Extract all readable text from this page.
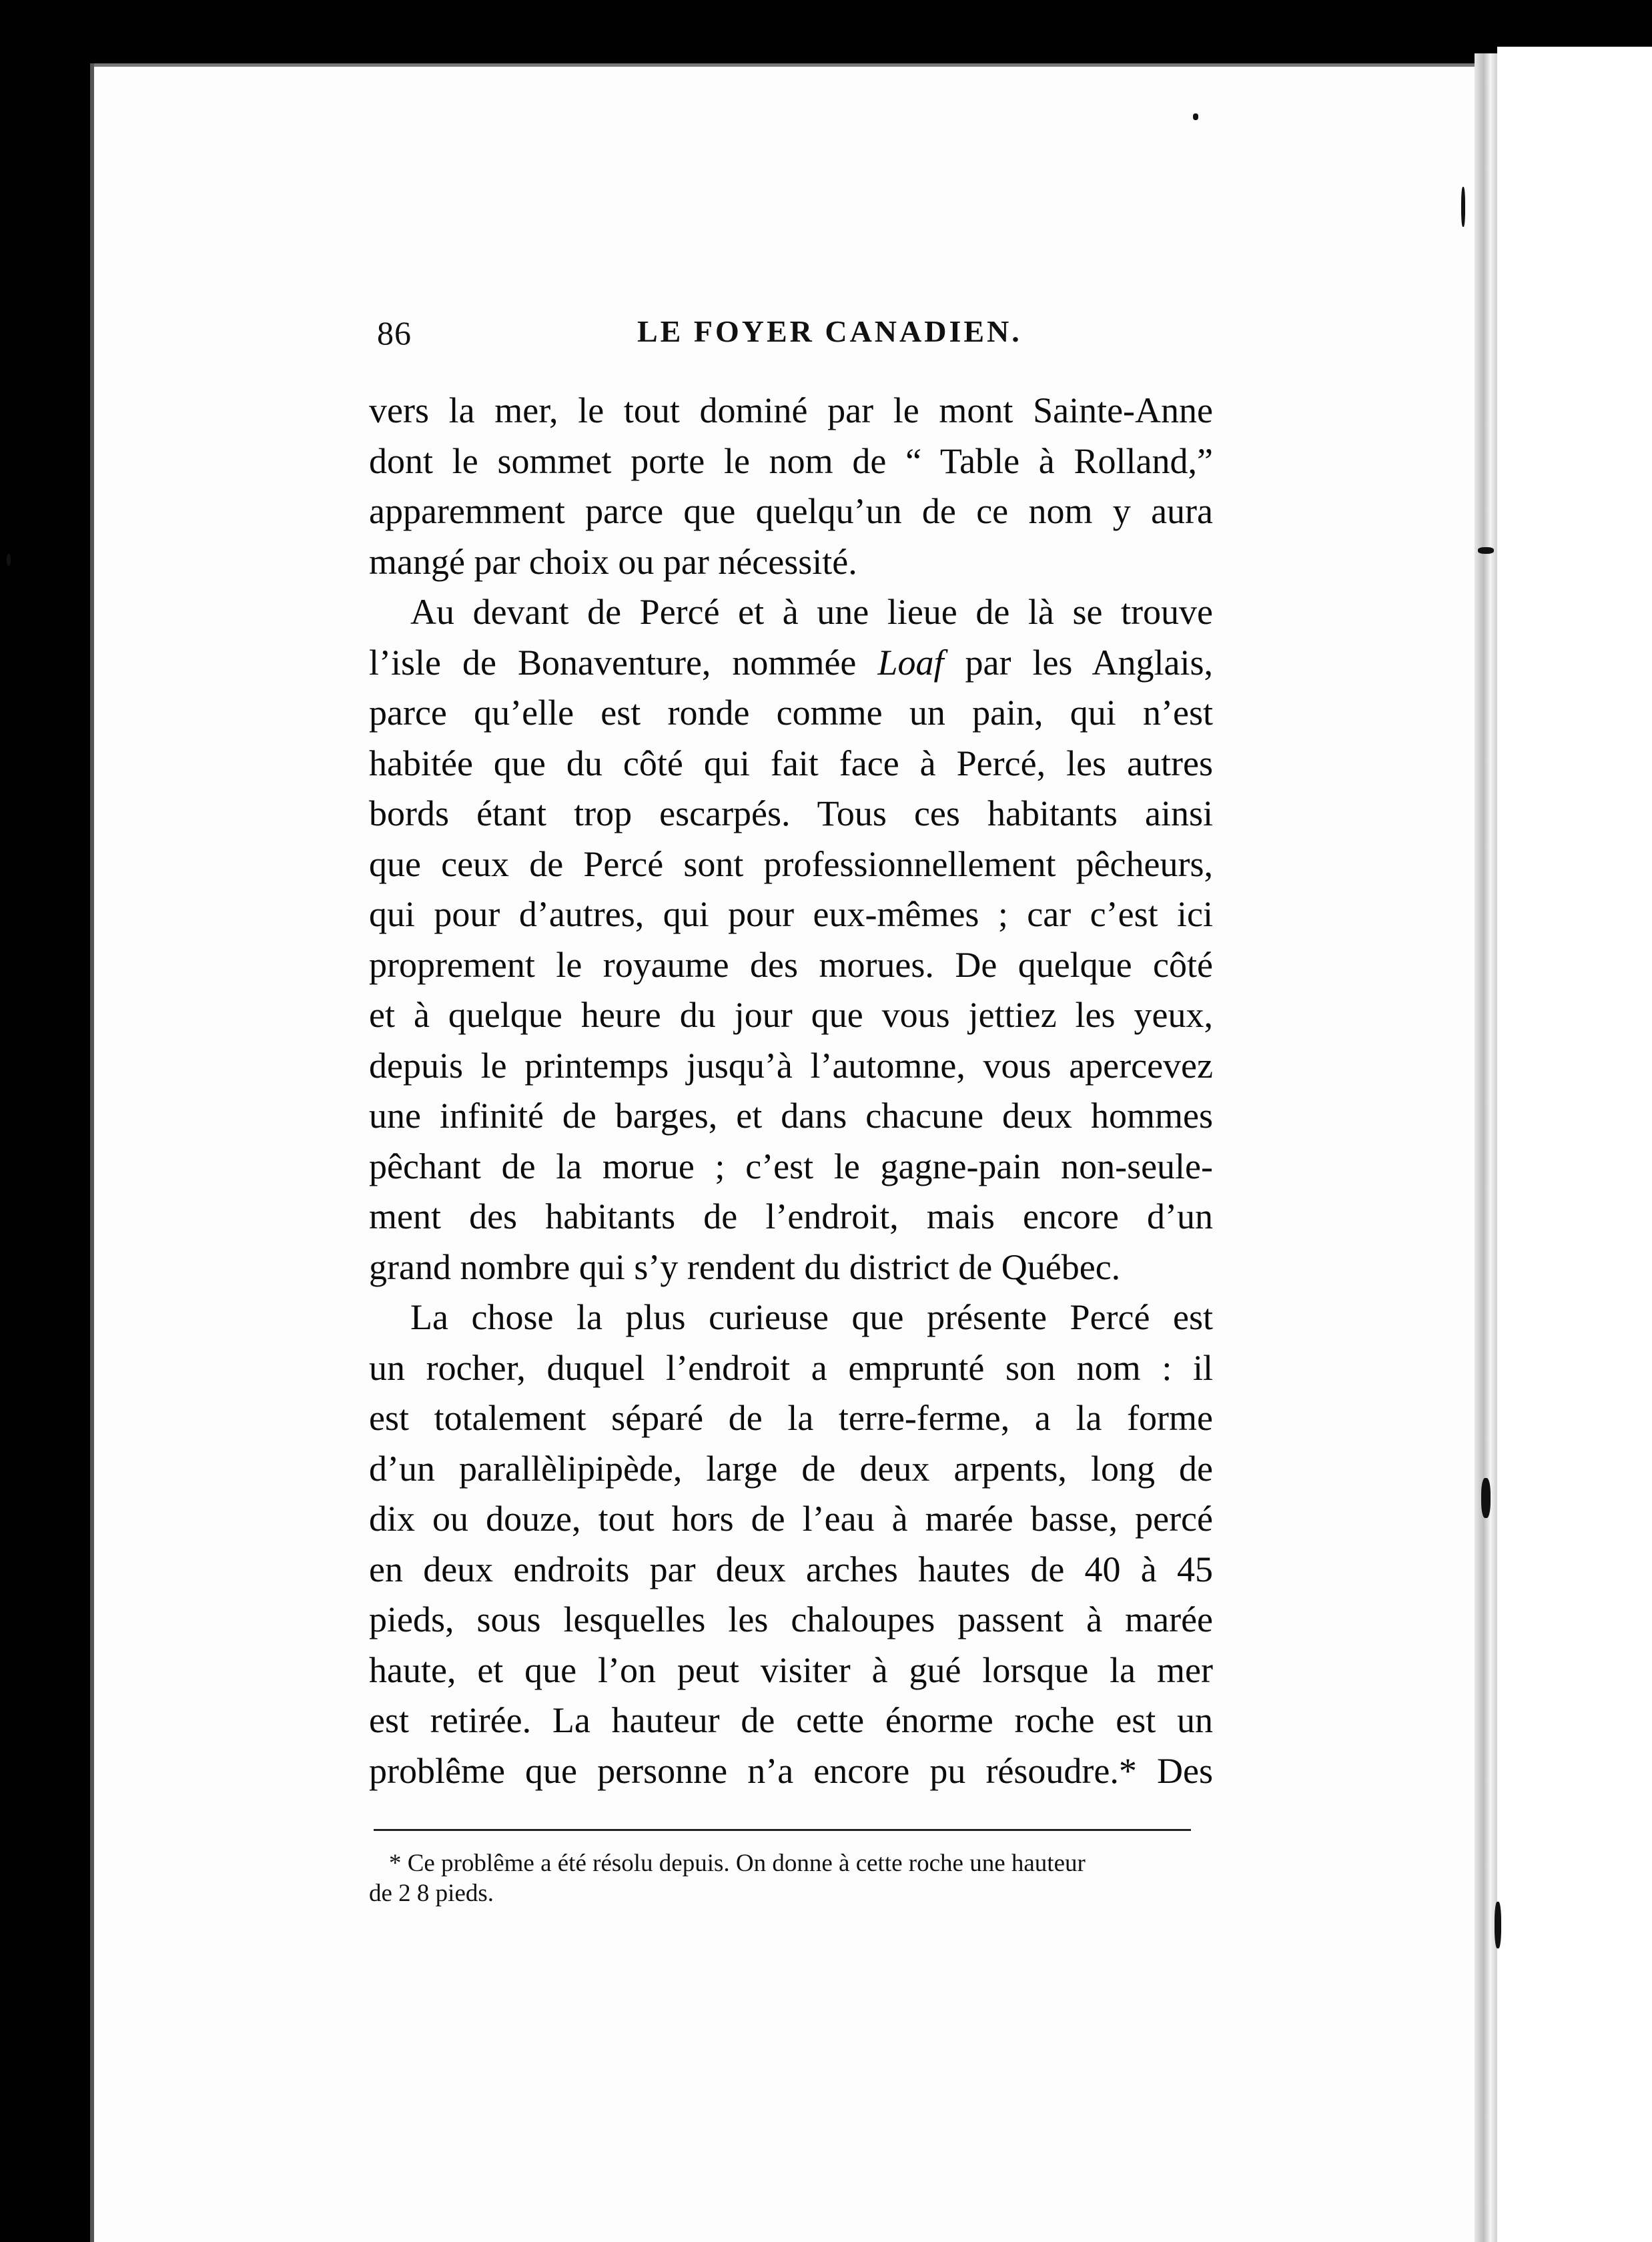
86	LE FOYER CANADIEN.
vers la mer, le tout dominé par le mont Sainte-Anne
dont le sommet porte le nom de “ Table à Rolland,”
apparemment parce que quelqu’un de ce nom y aura
mangé par choix ou par nécessité.
Au devant de Percé et à une lieue de là se trouve
l’isle de Bonaventure, nommée Loaf par les Anglais,
parce qu’elle est ronde comme un pain, qui n’est
habitée que du côté qui fait face à Percé, les autres
bords étant trop escarpés. Tous ces habitants ainsi
que ceux de Percé sont professionnellement pêcheurs,
qui pour d’autres, qui pour eux-mêmes ; car c’est ici
proprement le royaume des morues. De quelque côté
et à quelque heure du jour que vous jettiez les yeux,
depuis le printemps jusqu’à l’automne, vous apercevez
une infinité de barges, et dans chacune deux hommes
pêchant de la morue ; c’est le gagne-pain non-seule-
ment des habitants de l’endroit, mais encore d’un
grand nombre qui s’y rendent du district de Québec.
La chose la plus curieuse que présente Percé est
un rocher, duquel l’endroit a emprunté son nom : il
est totalement séparé de la terre-ferme, a la forme
d’un parallèlipipède, large de deux arpents, long de
dix ou douze, tout hors de l’eau à marée basse, percé
en deux endroits par deux arches hautes de 40 à 45
pieds, sous lesquelles les chaloupes passent à marée
haute, et que l’on peut visiter à gué lorsque la mer
est retirée. La hauteur de cette énorme roche est un
problême que personne n’a encore pu résoudre.* Des
* Ce problême a été résolu depuis. On donne à cette roche une hauteur
de 2 8 pieds.
